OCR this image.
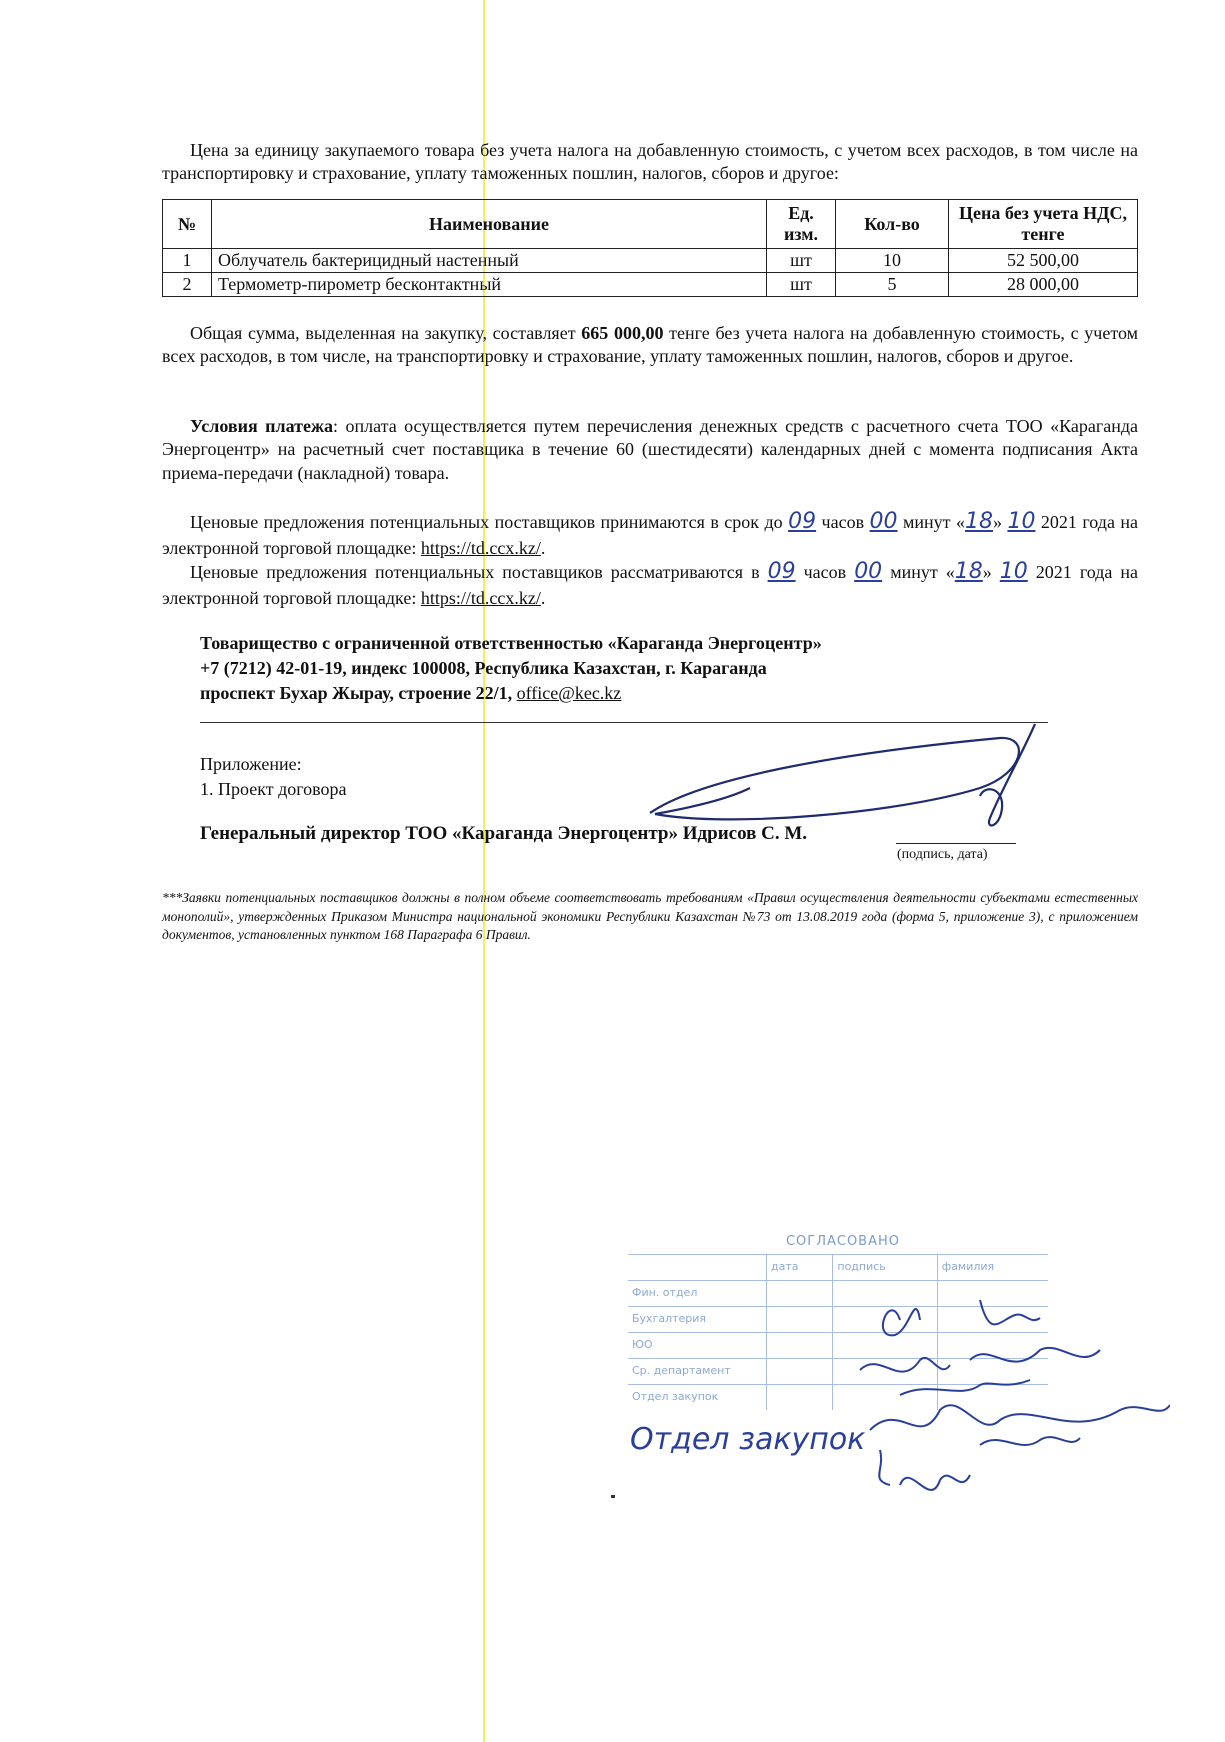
Цена за единицу закупаемого товара без учета налога на добавленную стоимость, с учетом всех расходов, в том числе на транспортировку и страхование, уплату таможенных пошлин, налогов, сборов и другое:
№	Наименование	Ед. изм.	Кол-во	Цена без учета НДС, тенге
1	Облучатель бактерицидный настенный	шт	10	52 500,00
2	Термометр-пирометр бесконтактный	шт	5	28 000,00
Общая сумма, выделенная на закупку, составляет 665 000,00 тенге без учета налога на добавленную стоимость, с учетом всех расходов, в том числе, на транспортировку и страхование, уплату таможенных пошлин, налогов, сборов и другое.
Условия платежа: оплата осуществляется путем перечисления денежных средств с расчетного счета ТОО «Караганда Энергоцентр» на расчетный счет поставщика в течение 60 (шестидесяти) календарных дней с момента подписания Акта приема-передачи (накладной) товара.
Ценовые предложения потенциальных поставщиков принимаются в срок до 09 часов 00 минут «18» 10 2021 года на электронной торговой площадке: https://td.ccx.kz/.
Ценовые предложения потенциальных поставщиков рассматриваются в 09 часов 00 минут «18» 10 2021 года на электронной торговой площадке: https://td.ccx.kz/.
Товарищество с ограниченной ответственностью «Караганда Энергоцентр»
+7 (7212) 42-01-19, индекс 100008, Республика Казахстан, г. Караганда
проспект Бухар Жырау, строение 22/1, office@kec.kz
Приложение:
1. Проект договора
Генеральный директор ТОО «Караганда Энергоцентр» Идрисов С. М.
(подпись, дата)
***Заявки потенциальных поставщиков должны в полном объеме соответствовать требованиям «Правил осуществления деятельности субъектами естественных монополий», утвержденных Приказом Министра национальной экономики Республики Казахстан №73 от 13.08.2019 года (форма 5, приложение 3), с приложением документов, установленных пунктом 168 Параграфа 6 Правил.
СОГЛАСОВАНО
	дата	подпись	фамилия
Фин. отдел			
Бухгалтерия			
ЮО			
Ср. департамент			
Отдел закупок			
Отдел закупок
